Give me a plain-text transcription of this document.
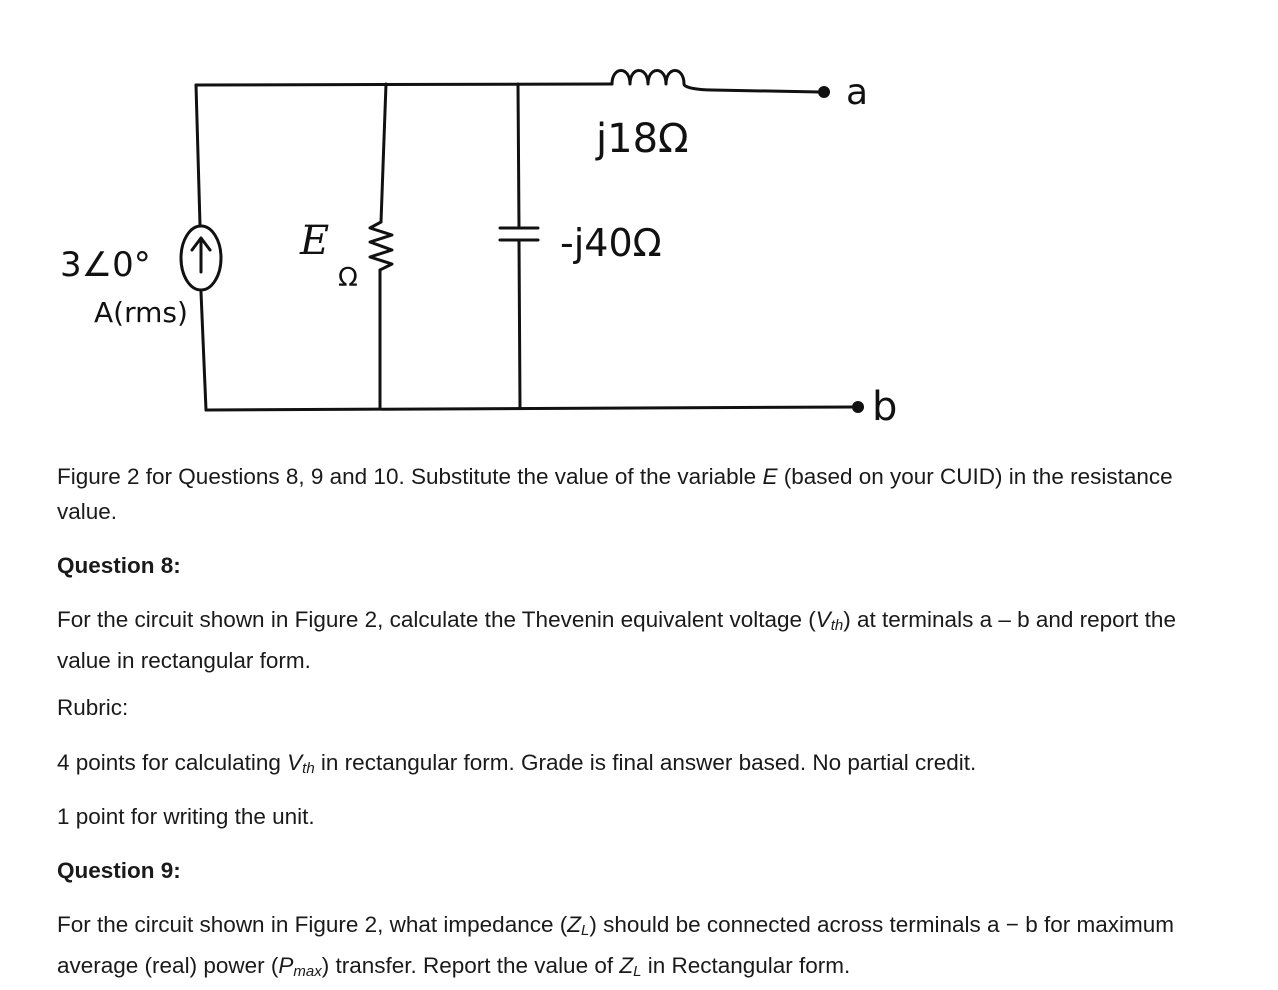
a
b
j18Ω
-j40Ω
3∠0°
A(rms)
E
Ω
Figure 2 for Questions 8, 9 and 10. Substitute the value of the variable E (based on your CUID) in the resistance value.
Question 8:
For the circuit shown in Figure 2, calculate the Thevenin equivalent voltage $(V_{th})$ at terminals a – b and report the value in rectangular form.
Rubric:
4 points for calculating $V_{th}$ in rectangular form. Grade is final answer based. No partial credit.
1 point for writing the unit.
Question 9:
For the circuit shown in Figure 2, what impedance $(Z_L)$ should be connected across terminals a − b for maximum average (real) power $(P_{max})$ transfer. Report the value of $Z_L$ in Rectangular form.
